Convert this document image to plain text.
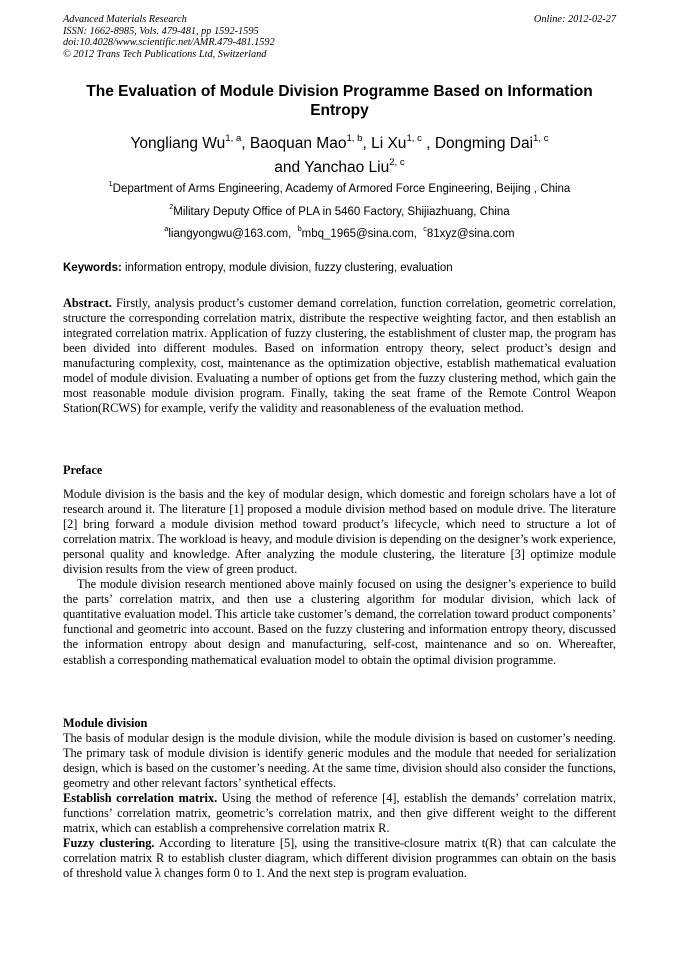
Advanced Materials Research
ISSN: 1662-8985, Vols. 479-481, pp 1592-1595
doi:10.4028/www.scientific.net/AMR.479-481.1592
© 2012 Trans Tech Publications Ltd, Switzerland
Online: 2012-02-27
The Evaluation of Module Division Programme Based on Information Entropy
Yongliang Wu$^{1, a}$, Baoquan Mao$^{1, b}$, Li Xu$^{1, c}$ , Dongming Dai$^{1, c}$
and Yanchao Liu$^{2, c}$
$^1$Department of Arms Engineering, Academy of Armored Force Engineering, Beijing , China
$^2$Military Deputy Office of PLA in 5460 Factory, Shijiazhuang, China
$^a$liangyongwu@163.com, $^b$mbq_1965@sina.com, $^c$81xyz@sina.com
Keywords: information entropy, module division, fuzzy clustering, evaluation
Abstract. Firstly, analysis product’s customer demand correlation, function correlation, geometric correlation, structure the corresponding correlation matrix, distribute the respective weighting factor, and then establish an integrated correlation matrix. Application of fuzzy clustering, the establishment of cluster map, the program has been divided into different modules. Based on information entropy theory, select product’s design and manufacturing complexity, cost, maintenance as the optimization objective, establish mathematical evaluation model of module division. Evaluating a number of options get from the fuzzy clustering method, which gain the most reasonable module division program. Finally, taking the seat frame of the Remote Control Weapon Station(RCWS) for example, verify the validity and reasonableness of the evaluation method.
Preface

Module division is the basis and the key of modular design, which domestic and foreign scholars have a lot of research around it. The literature [1] proposed a module division method based on module drive. The literature [2] bring forward a module division method toward product’s lifecycle, which need to structure a lot of correlation matrix. The workload is heavy, and module division is depending on the designer’s work experience, personal quality and knowledge. After analyzing the module clustering, the literature [3] optimize module division results from the view of green product.

The module division research mentioned above mainly focused on using the designer’s experience to build the parts’ correlation matrix, and then use a clustering algorithm for modular division, which lack of quantitative evaluation model. This article take customer’s demand, the correlation toward product components’ functional and geometric into account. Based on the fuzzy clustering and information entropy theory, discussed the information entropy about design and manufacturing, self-cost, maintenance and so on. Whereafter, establish a corresponding mathematical evaluation model to obtain the optimal division programme.

Module division

The basis of modular design is the module division, while the module division is based on customer’s needing. The primary task of module division is identify generic modules and the module that needed for serialization design, which is based on the customer’s needing. At the same time, division should also consider the functions, geometry and other relevant factors’ synthetical effects.

Establish correlation matrix. Using the method of reference [4], establish the demands’ correlation matrix, functions’ correlation matrix, geometric’s correlation matrix, and then give different weight to the different matrix, which can establish a comprehensive correlation matrix R.

Fuzzy clustering. According to literature [5], using the transitive-closure matrix t(R) that can calculate the correlation matrix R to establish cluster diagram, which different division programmes can obtain on the basis of threshold value λ changes form 0 to 1. And the next step is program evaluation.
